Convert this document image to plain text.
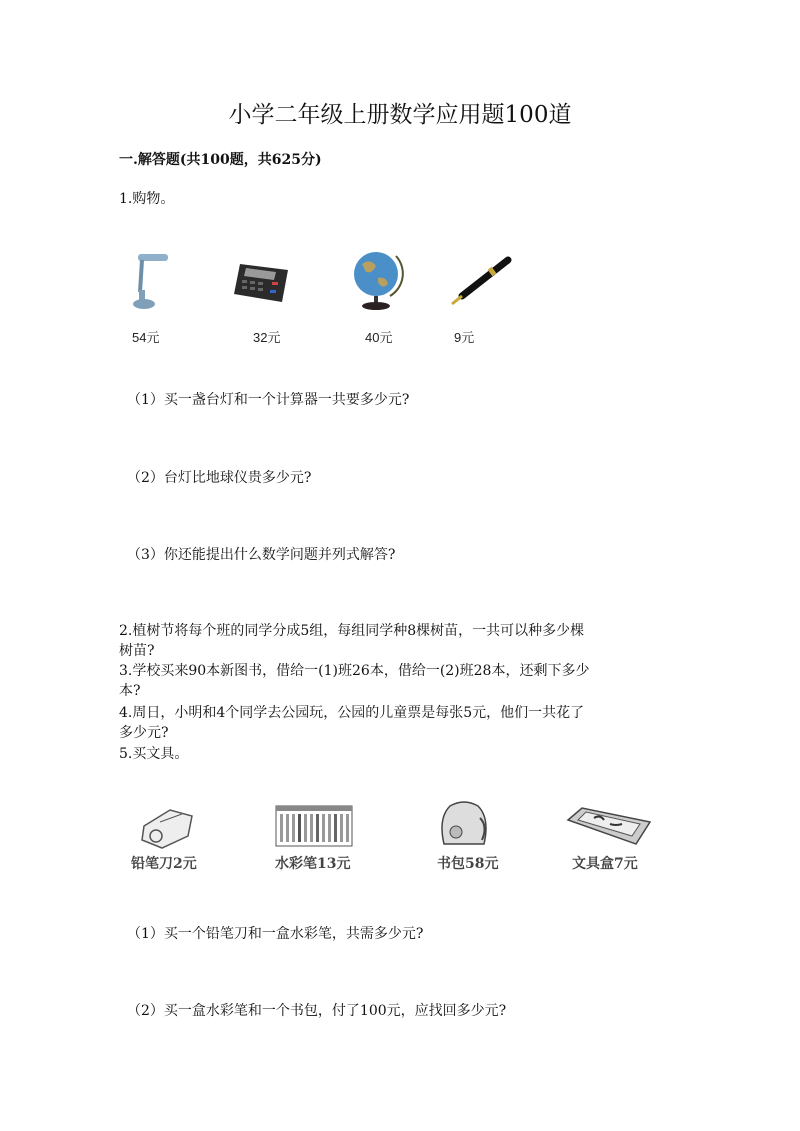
小学二年级上册数学应用题100道
一.解答题(共100题，共625分)
1.购物。
54元	32元	40元	9元
（1）买一盏台灯和一个计算器一共要多少元?
（2）台灯比地球仪贵多少元?
（3）你还能提出什么数学问题并列式解答?
2.植树节将每个班的同学分成5组，每组同学种8棵树苗，一共可以种多少棵
树苗?
3.学校买来90本新图书，借给一(1)班26本，借给一(2)班28本，还剩下多少
本?
4.周日，小明和4个同学去公园玩，公园的儿童票是每张5元，他们一共花了
多少元?
5.买文具。
铅笔刀2元	水彩笔13元	书包58元	文具盒7元
（1）买一个铅笔刀和一盒水彩笔，共需多少元?
（2）买一盒水彩笔和一个书包，付了100元，应找回多少元?
